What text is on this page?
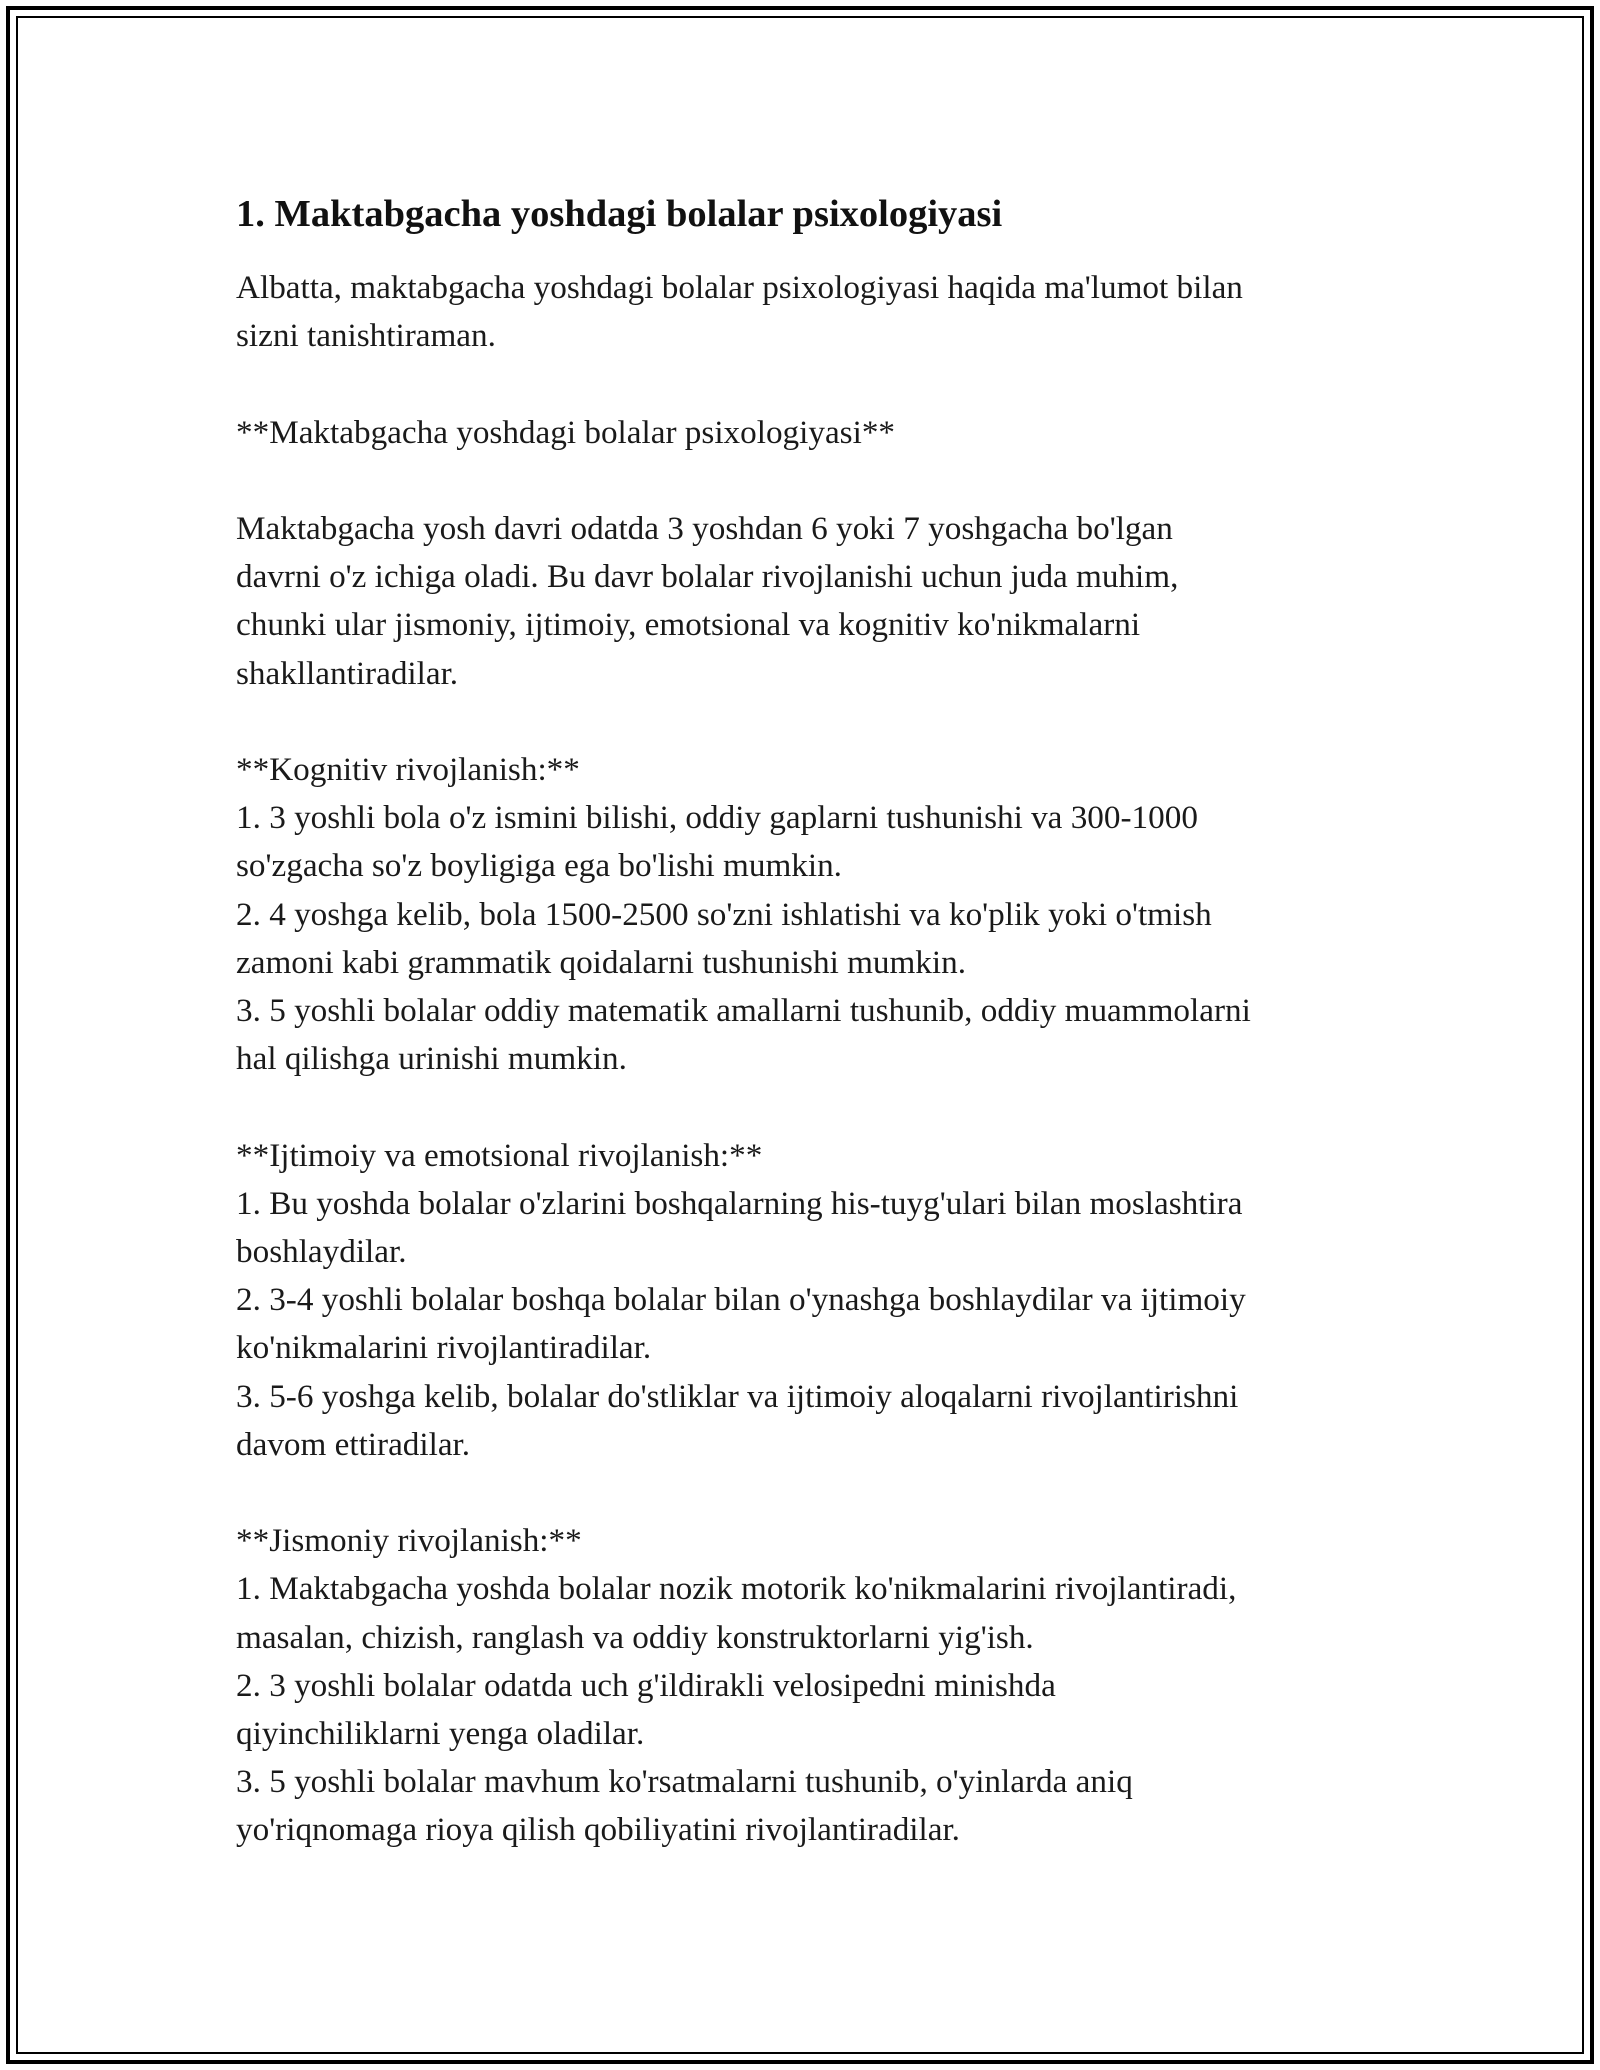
1. Maktabgacha yoshdagi bolalar psixologiyasi

Albatta, maktabgacha yoshdagi bolalar psixologiyasi haqida ma'lumot bilan

sizni tanishtiraman.

**Maktabgacha yoshdagi bolalar psixologiyasi**

Maktabgacha yosh davri odatda 3 yoshdan 6 yoki 7 yoshgacha bo'lgan

davrni o'z ichiga oladi. Bu davr bolalar rivojlanishi uchun juda muhim,

chunki ular jismoniy, ijtimoiy, emotsional va kognitiv ko'nikmalarni

shakllantiradilar.

**Kognitiv rivojlanish:**

1. 3 yoshli bola o'z ismini bilishi, oddiy gaplarni tushunishi va 300-1000

so'zgacha so'z boyligiga ega bo'lishi mumkin.

2. 4 yoshga kelib, bola 1500-2500 so'zni ishlatishi va ko'plik yoki o'tmish

zamoni kabi grammatik qoidalarni tushunishi mumkin.

3. 5 yoshli bolalar oddiy matematik amallarni tushunib, oddiy muammolarni

hal qilishga urinishi mumkin.

**Ijtimoiy va emotsional rivojlanish:**

1. Bu yoshda bolalar o'zlarini boshqalarning his-tuyg'ulari bilan moslashtira

boshlaydilar.

2. 3-4 yoshli bolalar boshqa bolalar bilan o'ynashga boshlaydilar va ijtimoiy

ko'nikmalarini rivojlantiradilar.

3. 5-6 yoshga kelib, bolalar do'stliklar va ijtimoiy aloqalarni rivojlantirishni

davom ettiradilar.

**Jismoniy rivojlanish:**

1. Maktabgacha yoshda bolalar nozik motorik ko'nikmalarini rivojlantiradi,

masalan, chizish, ranglash va oddiy konstruktorlarni yig'ish.

2. 3 yoshli bolalar odatda uch g'ildirakli velosipedni minishda

qiyinchiliklarni yenga oladilar.

3. 5 yoshli bolalar mavhum ko'rsatmalarni tushunib, o'yinlarda aniq

yo'riqnomaga rioya qilish qobiliyatini rivojlantiradilar.
